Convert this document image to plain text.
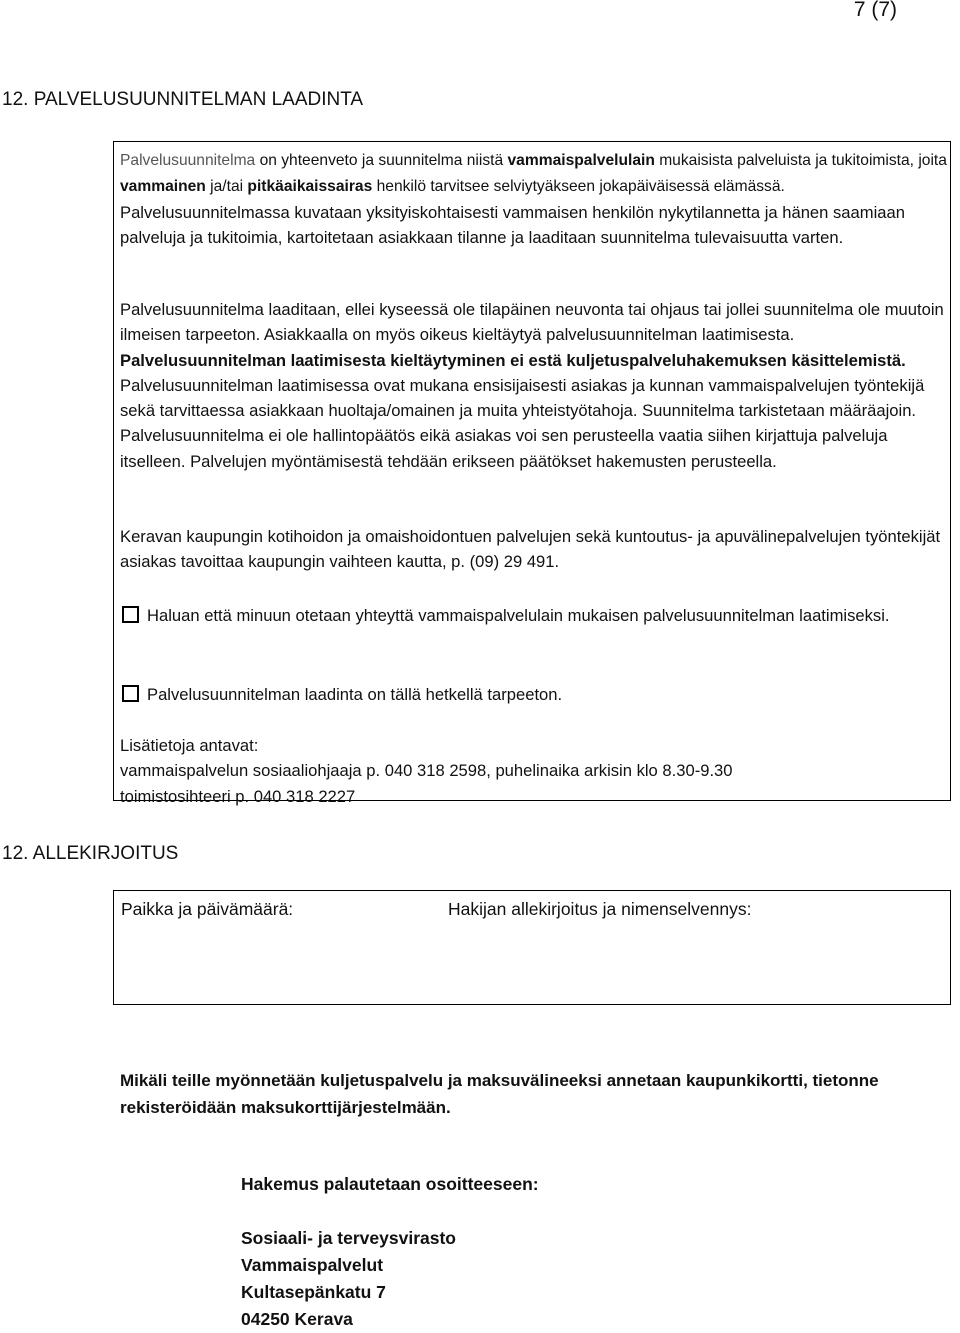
7 (7)
12. PALVELUSUUNNITELMAN LAADINTA

Palvelusuunnitelma on yhteenveto ja suunnitelma niistä vammaispalvelulain mukaisista palveluista ja tukitoimista, joita vammainen ja/tai pitkäaikaissairas henkilö tarvitsee selviytyäkseen jokapäiväisessä elämässä. Palvelusuunnitelmassa kuvataan yksityiskohtaisesti vammaisen henkilön nykytilannetta ja hänen saamiaan palveluja ja tukitoimia, kartoitetaan asiakkaan tilanne ja laaditaan suunnitelma tulevaisuutta varten.

Palvelusuunnitelma laaditaan, ellei kyseessä ole tilapäinen neuvonta tai ohjaus tai jollei suunnitelma ole muutoin ilmeisen tarpeeton. Asiakkaalla on myös oikeus kieltäytyä palvelusuunnitelman laatimisesta. Palvelusuunnitelman laatimisesta kieltäytyminen ei estä kuljetuspalveluhakemuksen käsittelemistä. Palvelusuunnitelman laatimisessa ovat mukana ensisijaisesti asiakas ja kunnan vammaispalvelujen työntekijä sekä tarvittaessa asiakkaan huoltaja/omainen ja muita yhteistyötahoja. Suunnitelma tarkistetaan määräajoin. Palvelusuunnitelma ei ole hallintopäätös eikä asiakas voi sen perusteella vaatia siihen kirjattuja palveluja itselleen. Palvelujen myöntämisestä tehdään erikseen päätökset hakemusten perusteella.

Keravan kaupungin kotihoidon ja omaishoidontuen palvelujen sekä kuntoutus- ja apuvälinepalvelujen työntekijät asiakas tavoittaa kaupungin vaihteen kautta, p. (09) 29 491.
Haluan että minuun otetaan yhteyttä vammaispalvelulain mukaisen palvelusuunnitelman laatimiseksi.
Palvelusuunnitelman laadinta on tällä hetkellä tarpeeton.
Lisätietoja antavat:
vammaispalvelun sosiaaliohjaaja p. 040 318 2598, puhelinaika arkisin klo 8.30-9.30
toimistosihteeri p. 040 318 2227
12. ALLEKIRJOITUS
Paikka ja päivämäärä:	Hakijan allekirjoitus ja nimenselvennys:
Mikäli teille myönnetään kuljetuspalvelu ja maksuvälineeksi annetaan kaupunkikortti, tietonne rekisteröidään maksukorttijärjestelmään.
Hakemus palautetaan osoitteeseen:
Sosiaali- ja terveysvirasto
Vammaispalvelut
Kultasepänkatu 7
04250 Kerava
